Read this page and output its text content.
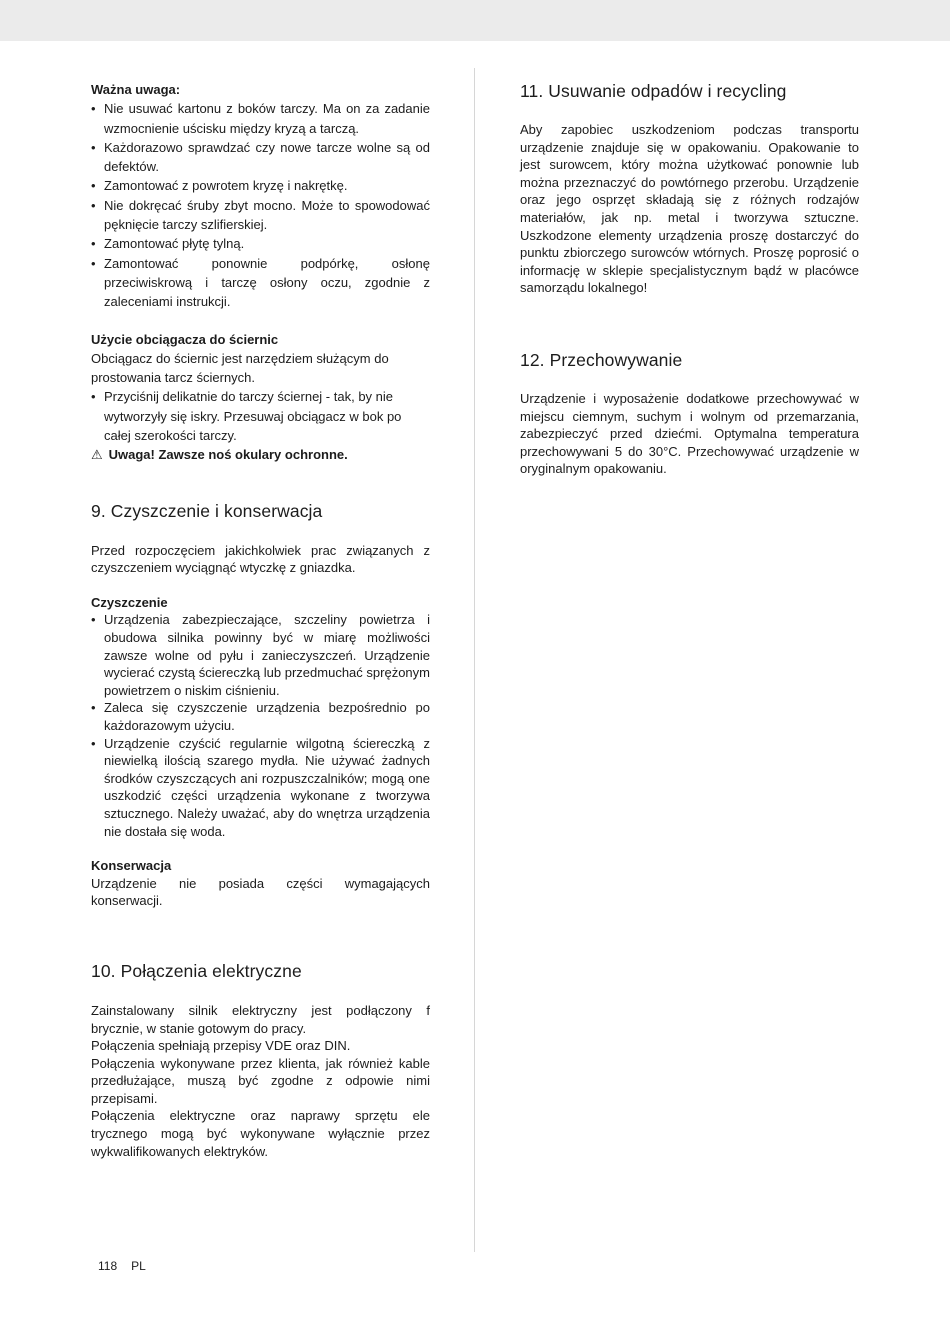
Ważna uwaga:

• Nie usuwać kartonu z boków tarczy. Ma on za zadanie wzmocnienie uścisku między kryzą a tarczą.
• Każdorazowo sprawdzać czy nowe tarcze wolne są od defektów.
• Zamontować z powrotem kryzę i nakrętkę.
• Nie dokręcać śruby zbyt mocno. Może to spowodować pęknięcie tarczy szlifierskiej.
• Zamontować płytę tylną.
• Zamontować ponownie podpórkę, osłonę przeciwiskrową i tarczę osłony oczu, zgodnie z zaleceniami instrukcji.

Użycie obciągacza do ściernic

Obciągacz do ściernic jest narzędziem służącym do prostowania tarcz ściernych.

• Przyciśnij delikatnie do tarczy ściernej - tak, by nie wytworzyły się iskry. Przesuwaj obciągacz w bok po całej szerokości tarczy.

⚠ Uwaga! Zawsze noś okulary ochronne.

9. Czyszczenie i konserwacja

Przed rozpoczęciem jakichkolwiek prac związanych z czyszczeniem wyciągnąć wtyczkę z gniazdka.

Czyszczenie

• Urządzenia zabezpieczające, szczeliny powietrza i obudowa silnika powinny być w miarę możliwości zawsze wolne od pyłu i zanieczyszczeń. Urządzenie wycierać czystą ściereczką lub przedmuchać sprężonym powietrzem o niskim ciśnieniu.
• Zaleca się czyszczenie urządzenia bezpośrednio po każdorazowym użyciu.
• Urządzenie czyścić regularnie wilgotną ściereczką z niewielką ilością szarego mydła. Nie używać żadnych środków czyszczących ani rozpuszczalników; mogą one uszkodzić części urządzenia wykonane z tworzywa sztucznego. Należy uważać, aby do wnętrza urządzenia nie dostała się woda.

Konserwacja

Urządzenie nie posiada części wymagających konserwacji.

10. Połączenia elektryczne

Zainstalowany silnik elektryczny jest podłączony f brycznie, w stanie gotowym do pracy.

Połączenia spełniają przepisy VDE oraz DIN.

Połączenia wykonywane przez klienta, jak również kable przedłużające, muszą być zgodne z odpowie nimi przepisami.

Połączenia elektryczne oraz naprawy sprzętu ele trycznego mogą być wykonywane wyłącznie przez wykwalifikowanych elektryków.

11. Usuwanie odpadów i recycling

Aby zapobiec uszkodzeniom podczas transportu urządzenie znajduje się w opakowaniu. Opakowanie to jest surowcem, który można użytkować ponownie lub można przeznaczyć do powtórnego przerobu. Urządzenie oraz jego osprzęt składają się z różnych rodzajów materiałów, jak np. metal i tworzywa sztuczne. Uszkodzone elementy urządzenia proszę dostarczyć do punktu zbiorczego surowców wtórnych. Proszę poprosić o informację w sklepie specjalistycznym bądź w placówce samorządu lokalnego!

12. Przechowywanie

Urządzenie i wyposażenie dodatkowe przechowywać w miejscu ciemnym, suchym i wolnym od przemarzania, zabezpieczyć przed dziećmi. Optymalna temperatura przechowywani 5 do 30°C. Przechowywać urządzenie w oryginalnym opakowaniu.

118 PL
